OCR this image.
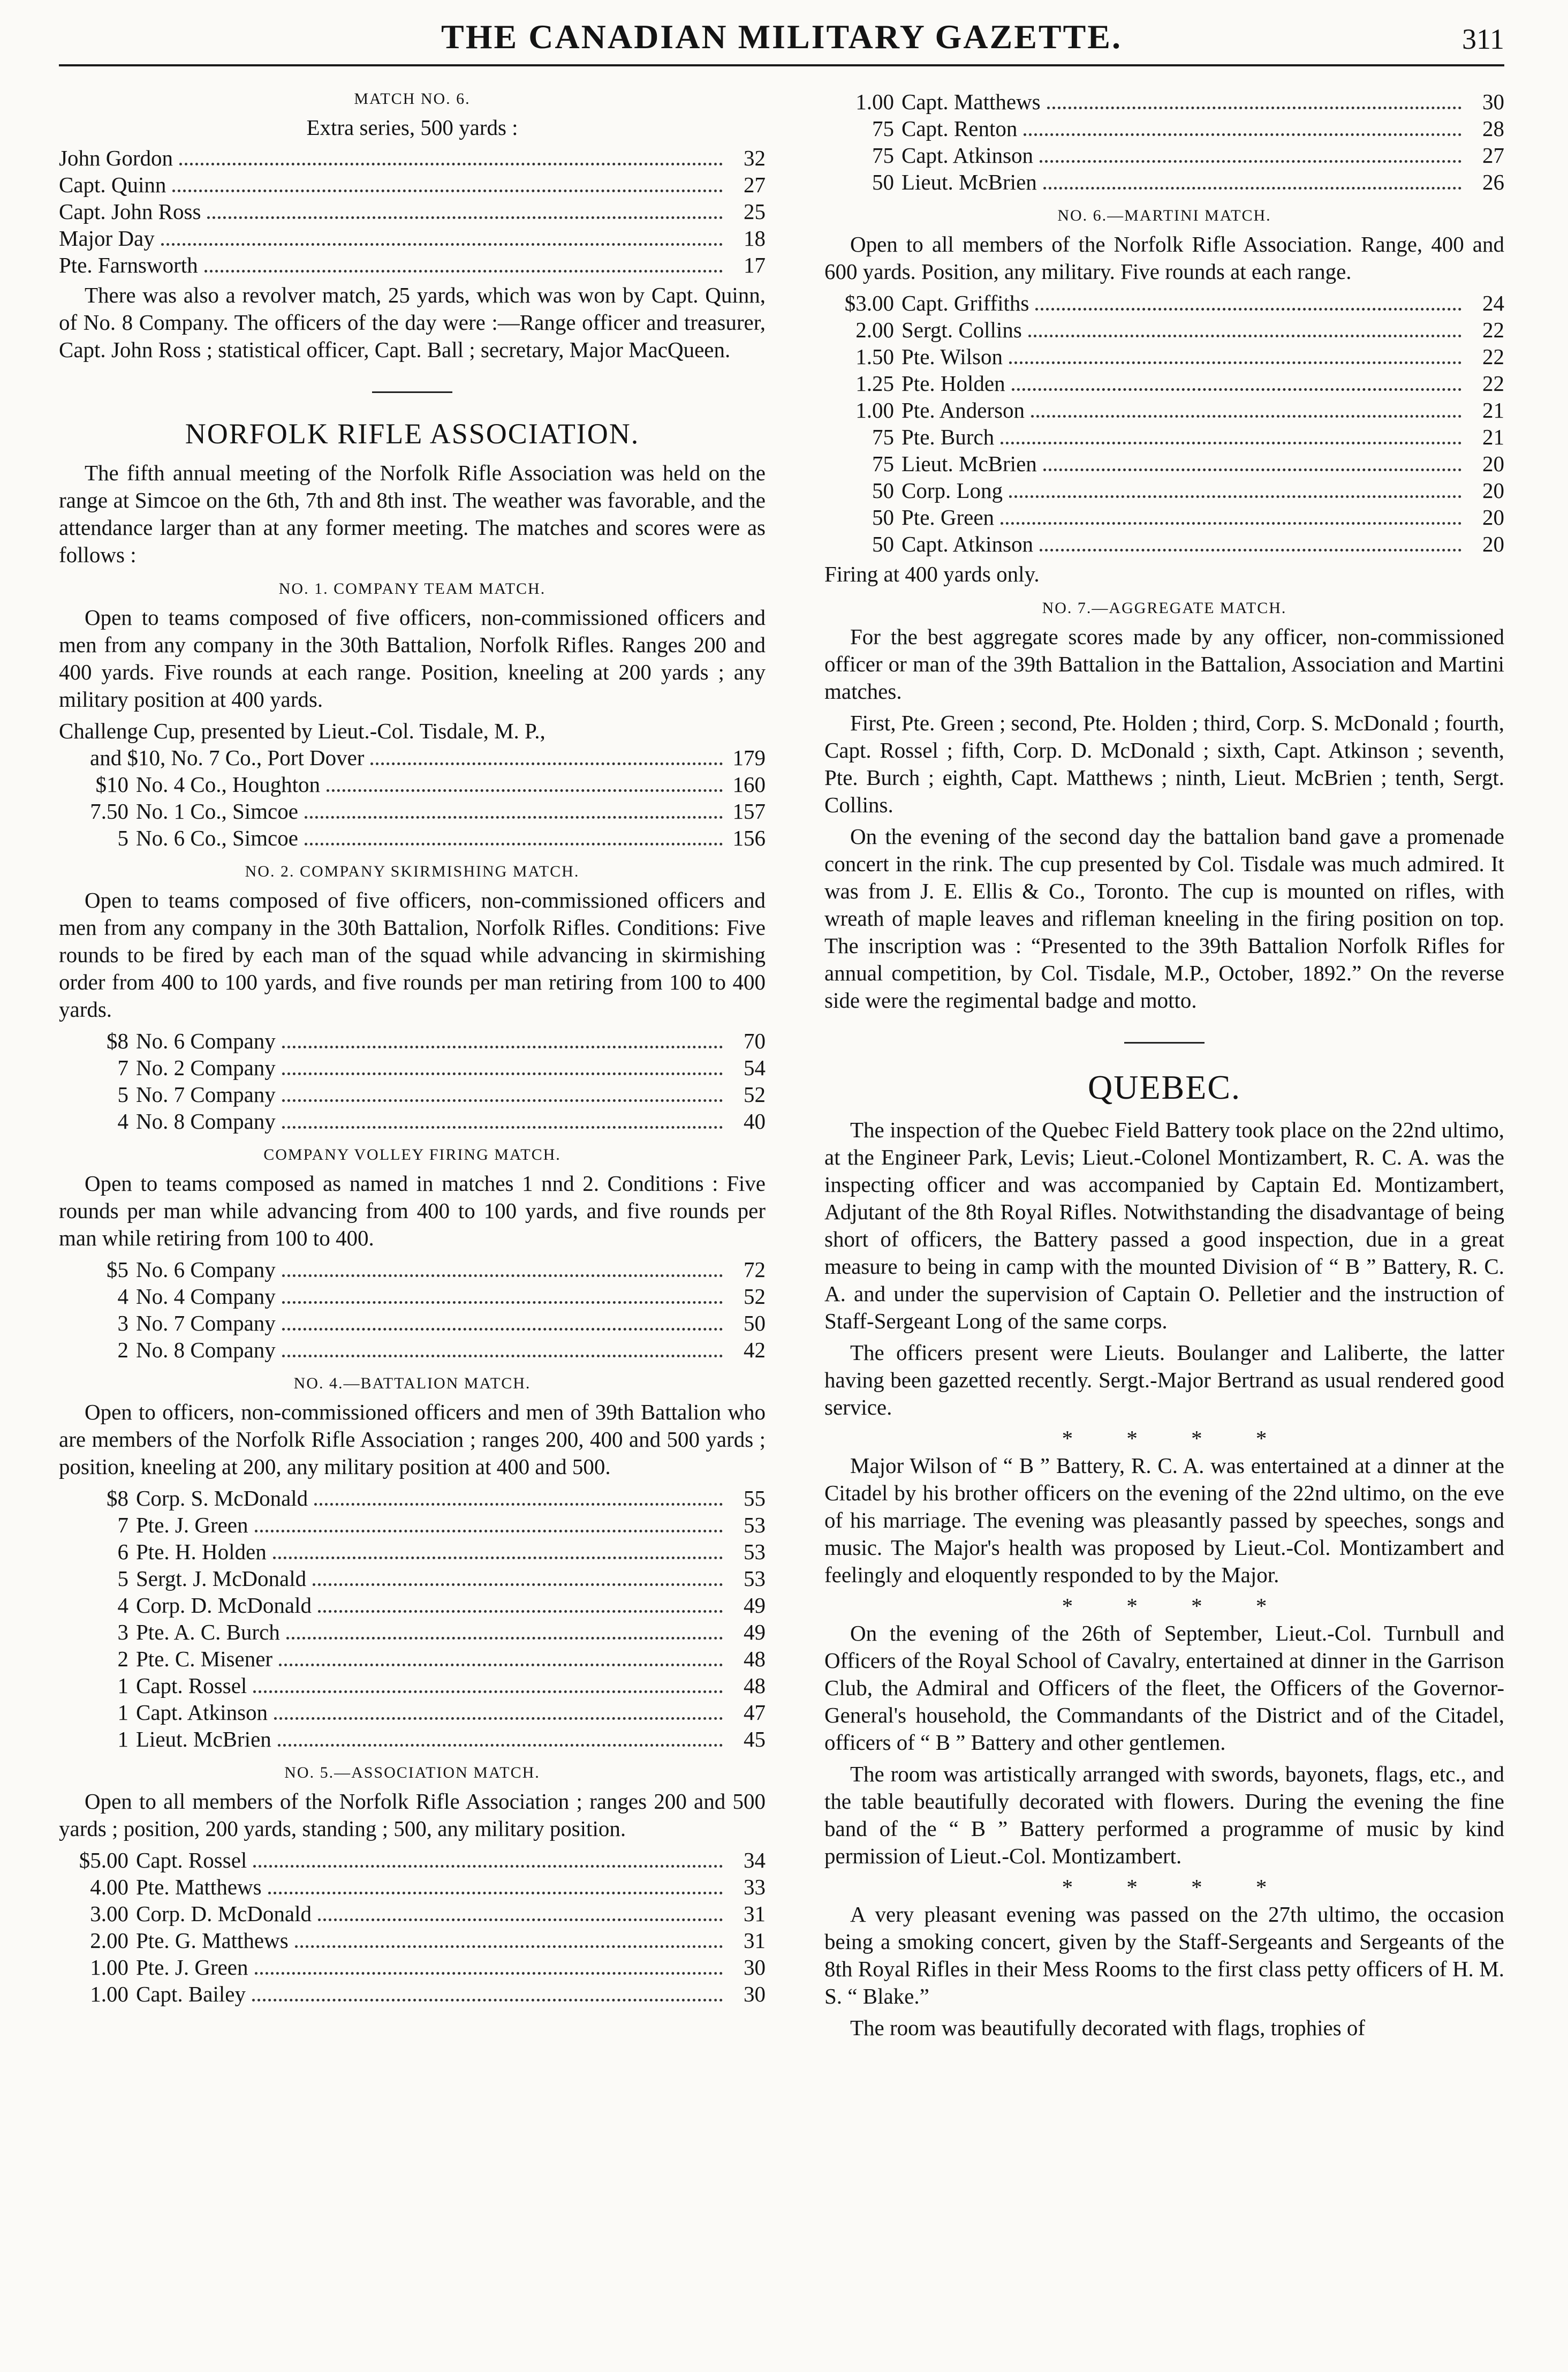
THE CANADIAN MILITARY GAZETTE.	311
MATCH NO. 6.
Extra series, 500 yards :
John Gordon	32
Capt. Quinn	27
Capt. John Ross	25
Major Day	18
Pte. Farnsworth	17

There was also a revolver match, 25 yards, which was won by Capt. Quinn, of No. 8 Company. The officers of the day were :—Range officer and treasurer, Capt. John Ross ; statistical officer, Capt. Ball ; secretary, Major MacQueen.

NORFOLK RIFLE ASSOCIATION.

The fifth annual meeting of the Norfolk Rifle Association was held on the range at Simcoe on the 6th, 7th and 8th inst. The weather was favorable, and the attendance larger than at any former meeting. The matches and scores were as follows :

NO. 1. COMPANY TEAM MATCH.

Open to teams composed of five officers, non-commissioned officers and men from any company in the 30th Battalion, Norfolk Rifles. Ranges 200 and 400 yards. Five rounds at each range. Position, kneeling at 200 yards ; any military position at 400 yards.

Challenge Cup, presented by Lieut.-Col. Tisdale, M. P.,
and $10, No. 7 Co., Port Dover	179
$10 No. 4 Co., Houghton	160
7.50 No. 1 Co., Simcoe	157
5 No. 6 Co., Simcoe	156
NO. 2. COMPANY SKIRMISHING MATCH.

Open to teams composed of five officers, non-commissioned officers and men from any company in the 30th Battalion, Norfolk Rifles. Conditions: Five rounds to be fired by each man of the squad while advancing in skirmishing order from 400 to 100 yards, and five rounds per man retiring from 100 to 400 yards.

$8 No. 6 Company	70
7 No. 2 Company	54
5 No. 7 Company	52
4 No. 8 Company	40
COMPANY VOLLEY FIRING MATCH.

Open to teams composed as named in matches 1 nnd 2. Conditions : Five rounds per man while advancing from 400 to 100 yards, and five rounds per man while retiring from 100 to 400.

$5 No. 6 Company	72
4 No. 4 Company	52
3 No. 7 Company	50
2 No. 8 Company	42
NO. 4.—BATTALION MATCH.

Open to officers, non-commissioned officers and men of 39th Battalion who are members of the Norfolk Rifle Association ; ranges 200, 400 and 500 yards ; position, kneeling at 200, any military position at 400 and 500.

$8 Corp. S. McDonald	55
7 Pte. J. Green	53
6 Pte. H. Holden	53
5 Sergt. J. McDonald	53
4 Corp. D. McDonald	49
3 Pte. A. C. Burch	49
2 Pte. C. Misener	48
1 Capt. Rossel	48
1 Capt. Atkinson	47
1 Lieut. McBrien	45
NO. 5.—ASSOCIATION MATCH.

Open to all members of the Norfolk Rifle Association ; ranges 200 and 500 yards ; position, 200 yards, standing ; 500, any military position.

$5.00 Capt. Rossel	34
4.00 Pte. Matthews	33
3.00 Corp. D. McDonald	31
2.00 Pte. G. Matthews	31
1.00 Pte. J. Green	30
1.00 Capt. Bailey	30
1.00 Capt. Matthews	30
75 Capt. Renton	28
75 Capt. Atkinson	27
50 Lieut. McBrien	26
NO. 6.—MARTINI MATCH.

Open to all members of the Norfolk Rifle Association. Range, 400 and 600 yards. Position, any military. Five rounds at each range.

$3.00 Capt. Griffiths	24
2.00 Sergt. Collins	22
1.50 Pte. Wilson	22
1.25 Pte. Holden	22
1.00 Pte. Anderson	21
75 Pte. Burch	21
75 Lieut. McBrien	20
50 Corp. Long	20
50 Pte. Green	20
50 Capt. Atkinson	20

Firing at 400 yards only.

NO. 7.—AGGREGATE MATCH.

For the best aggregate scores made by any officer, non-commissioned officer or man of the 39th Battalion in the Battalion, Association and Martini matches.

First, Pte. Green ; second, Pte. Holden ; third, Corp. S. McDonald ; fourth, Capt. Rossel ; fifth, Corp. D. McDonald ; sixth, Capt. Atkinson ; seventh, Pte. Burch ; eighth, Capt. Matthews ; ninth, Lieut. McBrien ; tenth, Sergt. Collins.

On the evening of the second day the battalion band gave a promenade concert in the rink. The cup presented by Col. Tisdale was much admired. It was from J. E. Ellis & Co., Toronto. The cup is mounted on rifles, with wreath of maple leaves and rifleman kneeling in the firing position on top. The inscription was : “Presented to the 39th Battalion Norfolk Rifles for annual competition, by Col. Tisdale, M.P., October, 1892.” On the reverse side were the regimental badge and motto.

QUEBEC.

The inspection of the Quebec Field Battery took place on the 22nd ultimo, at the Engineer Park, Levis; Lieut.-Colonel Montizambert, R. C. A. was the inspecting officer and was accompanied by Captain Ed. Montizambert, Adjutant of the 8th Royal Rifles. Notwithstanding the disadvantage of being short of officers, the Battery passed a good inspection, due in a great measure to being in camp with the mounted Division of “ B ” Battery, R. C. A. and under the supervision of Captain O. Pelletier and the instruction of Staff-Sergeant Long of the same corps.

The officers present were Lieuts. Boulanger and Laliberte, the latter having been gazetted recently. Sergt.-Major Bertrand as usual rendered good service.

* * * *

Major Wilson of “ B ” Battery, R. C. A. was entertained at a dinner at the Citadel by his brother officers on the evening of the 22nd ultimo, on the eve of his marriage. The evening was pleasantly passed by speeches, songs and music. The Major's health was proposed by Lieut.-Col. Montizambert and feelingly and eloquently responded to by the Major.

* * * *

On the evening of the 26th of September, Lieut.-Col. Turnbull and Officers of the Royal School of Cavalry, entertained at dinner in the Garrison Club, the Admiral and Officers of the fleet, the Officers of the Governor-General's household, the Commandants of the District and of the Citadel, officers of “ B ” Battery and other gentlemen.

The room was artistically arranged with swords, bayonets, flags, etc., and the table beautifully decorated with flowers. During the evening the fine band of the “ B ” Battery performed a programme of music by kind permission of Lieut.-Col. Montizambert.

* * * *

A very pleasant evening was passed on the 27th ultimo, the occasion being a smoking concert, given by the Staff-Sergeants and Sergeants of the 8th Royal Rifles in their Mess Rooms to the first class petty officers of H. M. S. “ Blake.”

The room was beautifully decorated with flags, trophies of
